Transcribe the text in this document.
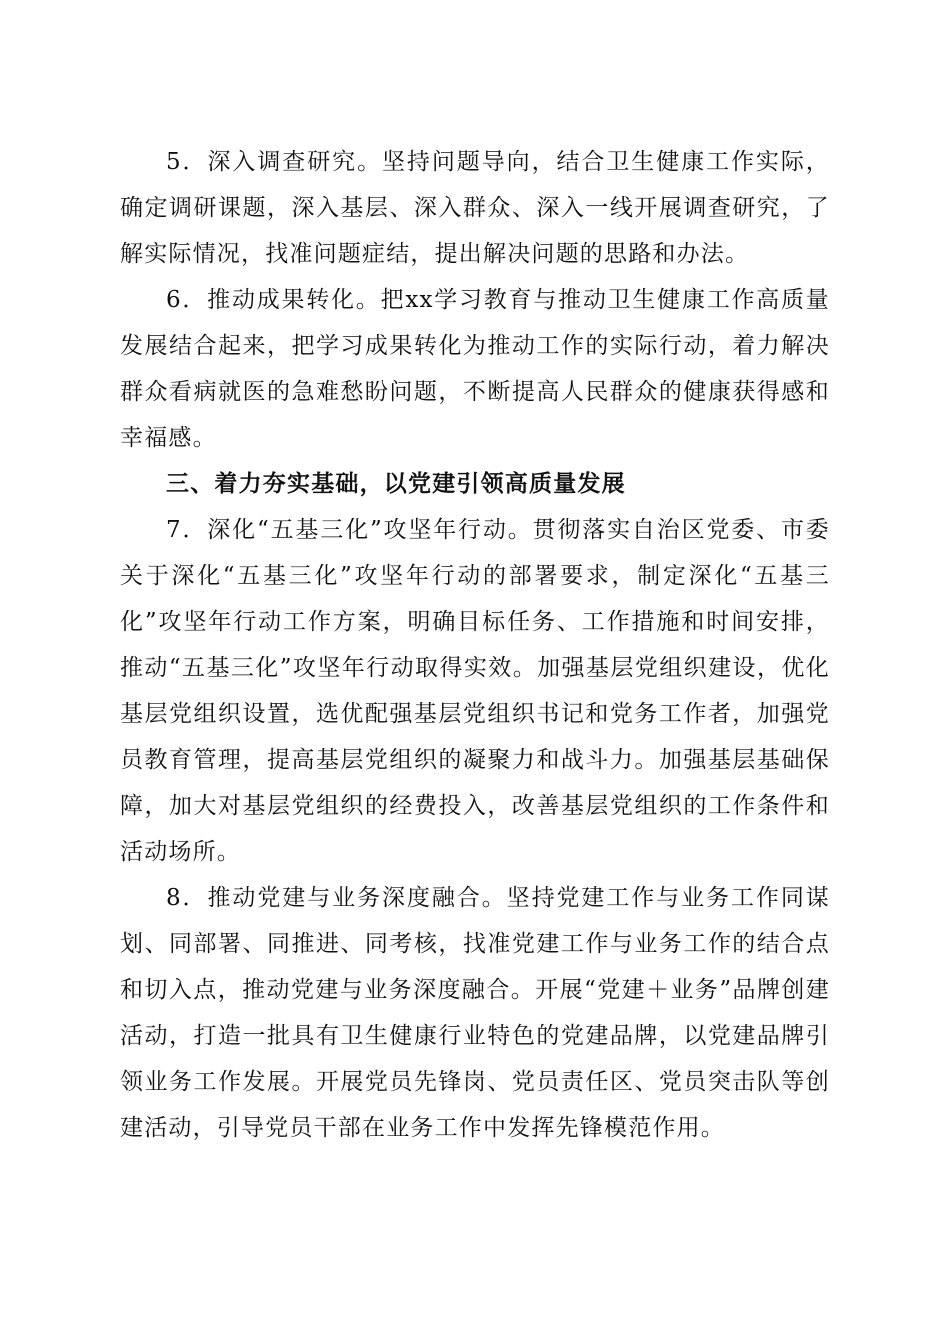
5．深入调查研究。坚持问题导向，结合卫生健康工作实际，确定调研课题，深入基层、深入群众、深入一线开展调查研究，了解实际情况，找准问题症结，提出解决问题的思路和办法。

6．推动成果转化。把xx学习教育与推动卫生健康工作高质量发展结合起来，把学习成果转化为推动工作的实际行动，着力解决群众看病就医的急难愁盼问题，不断提高人民群众的健康获得感和幸福感。

三、着力夯实基础，以党建引领高质量发展

7．深化“五基三化”攻坚年行动。贯彻落实自治区党委、市委关于深化“五基三化”攻坚年行动的部署要求，制定深化“五基三化”攻坚年行动工作方案，明确目标任务、工作措施和时间安排，推动“五基三化”攻坚年行动取得实效。加强基层党组织建设，优化基层党组织设置，选优配强基层党组织书记和党务工作者，加强党员教育管理，提高基层党组织的凝聚力和战斗力。加强基层基础保障，加大对基层党组织的经费投入，改善基层党组织的工作条件和活动场所。

8．推动党建与业务深度融合。坚持党建工作与业务工作同谋划、同部署、同推进、同考核，找准党建工作与业务工作的结合点和切入点，推动党建与业务深度融合。开展“党建＋业务”品牌创建活动，打造一批具有卫生健康行业特色的党建品牌，以党建品牌引领业务工作发展。开展党员先锋岗、党员责任区、党员突击队等创建活动，引导党员干部在业务工作中发挥先锋模范作用。
